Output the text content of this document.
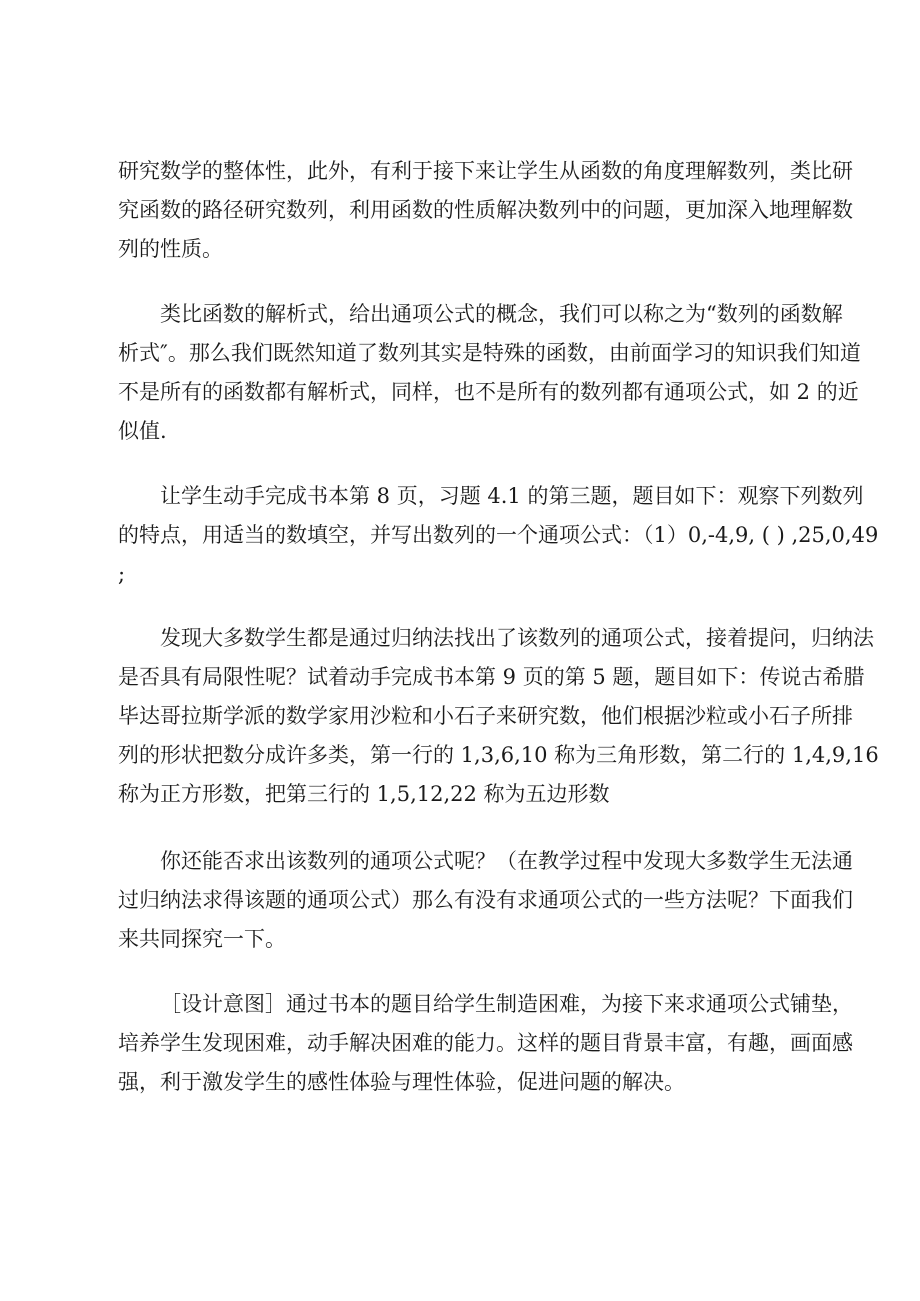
研究数学的整体性，此外，有利于接下来让学生从函数的角度理解数列，类比研
究函数的路径研究数列，利用函数的性质解决数列中的问题，更加深入地理解数
列的性质。
类比函数的解析式，给出通项公式的概念，我们可以称之为“数列的函数解
析式″。那么我们既然知道了数列其实是特殊的函数，由前面学习的知识我们知道
不是所有的函数都有解析式，同样，也不是所有的数列都有通项公式，如 2 的近
似值.
让学生动手完成书本第 8 页，习题 4.1 的第三题，题目如下：观察下列数列
的特点，用适当的数填空，并写出数列的一个通项公式：（1）0,-4,9, ( ) ,25,0,49
;
发现大多数学生都是通过归纳法找出了该数列的通项公式，接着提问，归纳法
是否具有局限性呢？试着动手完成书本第 9 页的第 5 题，题目如下：传说古希腊
毕达哥拉斯学派的数学家用沙粒和小石子来研究数，他们根据沙粒或小石子所排
列的形状把数分成许多类，第一行的 1,3,6,10 称为三角形数，第二行的 1,4,9,16
称为正方形数，把第三行的 1,5,12,22 称为五边形数
你还能否求出该数列的通项公式呢？（在教学过程中发现大多数学生无法通
过归纳法求得该题的通项公式）那么有没有求通项公式的一些方法呢？下面我们
来共同探究一下。
［设计意图］通过书本的题目给学生制造困难，为接下来求通项公式铺垫，
培养学生发现困难，动手解决困难的能力。这样的题目背景丰富，有趣，画面感
强，利于激发学生的感性体验与理性体验，促进问题的解决。
